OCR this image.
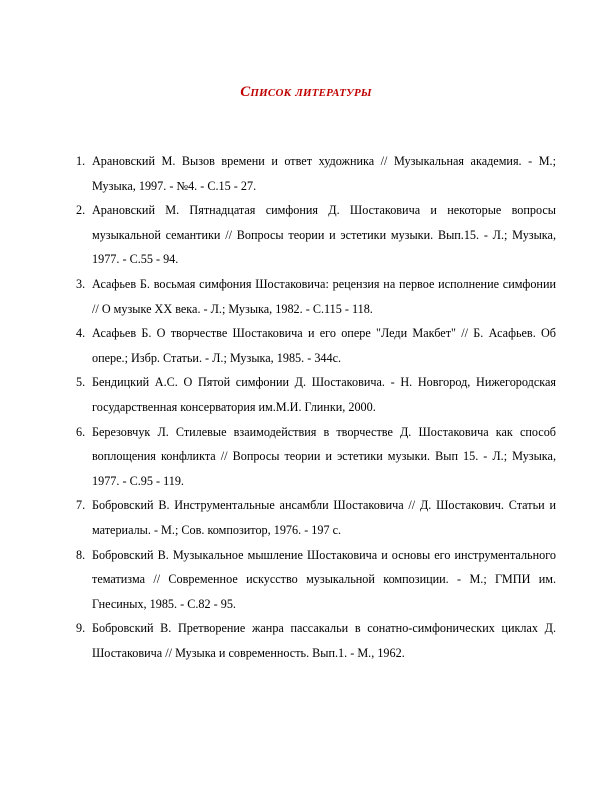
Список литературы
1. Арановский М. Вызов времени и ответ художника // Музыкальная академия. - М.; Музыка, 1997. - №4. - С.15 - 27.
2. Арановский М. Пятнадцатая симфония Д. Шостаковича и некоторые вопросы музыкальной семантики // Вопросы теории и эстетики музыки. Вып.15. - Л.; Музыка, 1977. - С.55 - 94.
3. Асафьев Б. восьмая симфония Шостаковича: рецензия на первое исполнение симфонии // О музыке XX века. - Л.; Музыка, 1982. - С.115 - 118.
4. Асафьев Б. О творчестве Шостаковича и его опере "Леди Макбет" // Б. Асафьев. Об опере.; Избр. Статьи. - Л.; Музыка, 1985. - 344с.
5. Бендицкий А.С. О Пятой симфонии Д. Шостаковича. - Н. Новгород, Нижегородская государственная консерватория им.М.И. Глинки, 2000.
6. Березовчук Л. Стилевые взаимодействия в творчестве Д. Шостаковича как способ воплощения конфликта // Вопросы теории и эстетики музыки. Вып 15. - Л.; Музыка, 1977. - С.95 - 119.
7. Бобровский В. Инструментальные ансамбли Шостаковича // Д. Шостакович. Статьи и материалы. - М.; Сов. композитор, 1976. - 197 с.
8. Бобровский В. Музыкальное мышление Шостаковича и основы его инструментального тематизма // Современное искусство музыкальной композиции. - М.; ГМПИ им. Гнесиных, 1985. - С.82 - 95.
9. Бобровский В. Претворение жанра пассакальи в сонатно-симфонических циклах Д. Шостаковича // Музыка и современность. Вып.1. - М., 1962.
